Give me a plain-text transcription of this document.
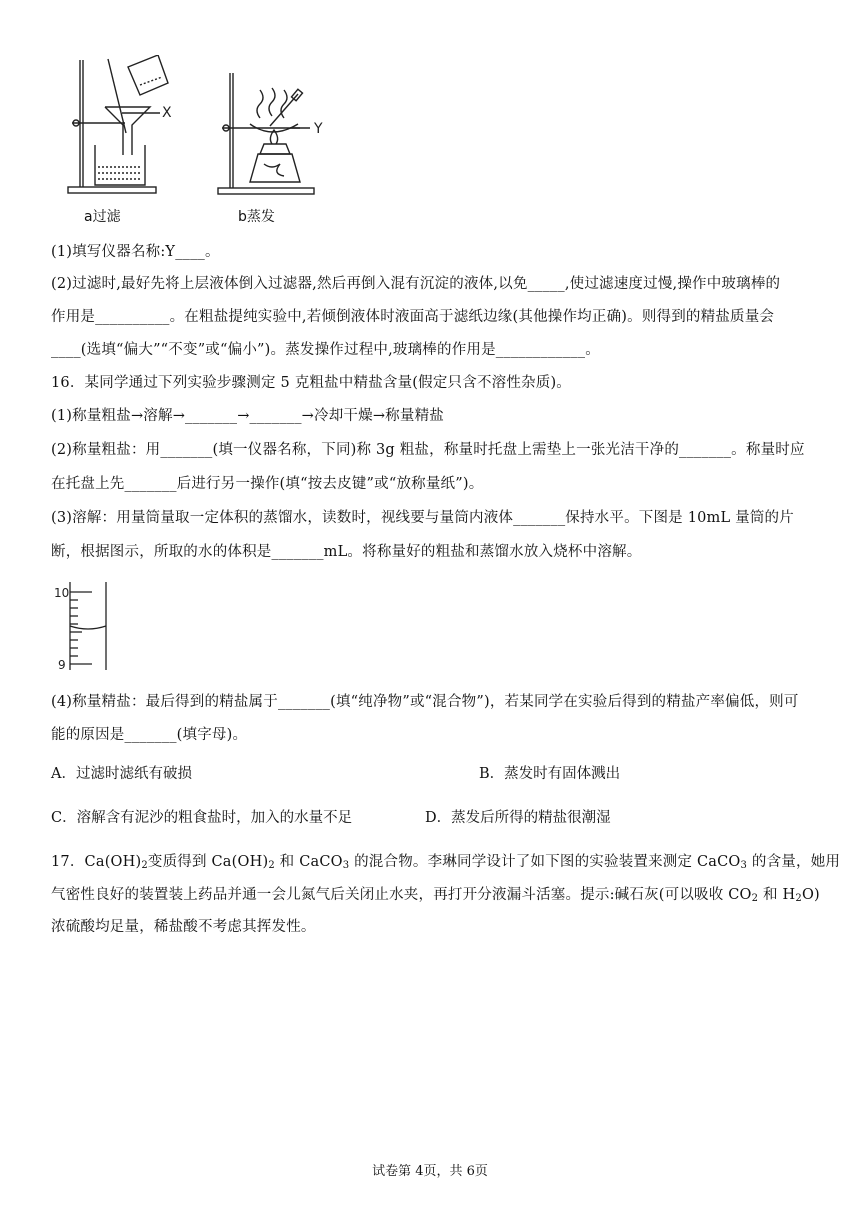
X
a过滤
Y
b蒸发
(1)填写仪器名称:Y____。
(2)过滤时,最好先将上层液体倒入过滤器,然后再倒入混有沉淀的液体,以免_____,使过滤速度过慢,操作中玻璃棒的
作用是__________。在粗盐提纯实验中,若倾倒液体时液面高于滤纸边缘(其他操作均正确)。则得到的精盐质量会
____(选填“偏大”“不变”或“偏小”)。蒸发操作过程中,玻璃棒的作用是____________。
16．某同学通过下列实验步骤测定 5 克粗盐中精盐含量(假定只含不溶性杂质)。
(1)称量粗盐→溶解→_______→_______→冷却干燥→称量精盐
(2)称量粗盐：用_______(填一仪器名称，下同)称 3g 粗盐，称量时托盘上需垫上一张光洁干净的_______。称量时应
在托盘上先_______后进行另一操作(填“按去皮键”或“放称量纸”)。
(3)溶解：用量筒量取一定体积的蒸馏水，读数时，视线要与量筒内液体_______保持水平。下图是 10mL 量筒的片
断，根据图示，所取的水的体积是_______mL。将称量好的粗盐和蒸馏水放入烧杯中溶解。
10
9
(4)称量精盐：最后得到的精盐属于_______(填“纯净物”或“混合物”)，若某同学在实验后得到的精盐产率偏低，则可
能的原因是_______(填字母)。
A．过滤时滤纸有破损	B．蒸发时有固体溅出
C．溶解含有泥沙的粗食盐时，加入的水量不足	D．蒸发后所得的精盐很潮湿
17．$Ca(OH)_2$变质得到 $Ca(OH)_2$ 和 CaCO$_3$ 的混合物。李琳同学设计了如下图的实验装置来测定 CaCO$_3$ 的含量，她用
气密性良好的装置装上药品并通一会儿氮气后关闭止水夹，再打开分液漏斗活塞。提示:碱石灰(可以吸收 $CO_2$ 和 $H_2O$)
浓硫酸均足量，稀盐酸不考虑其挥发性。
试卷第 4页，共 6页
